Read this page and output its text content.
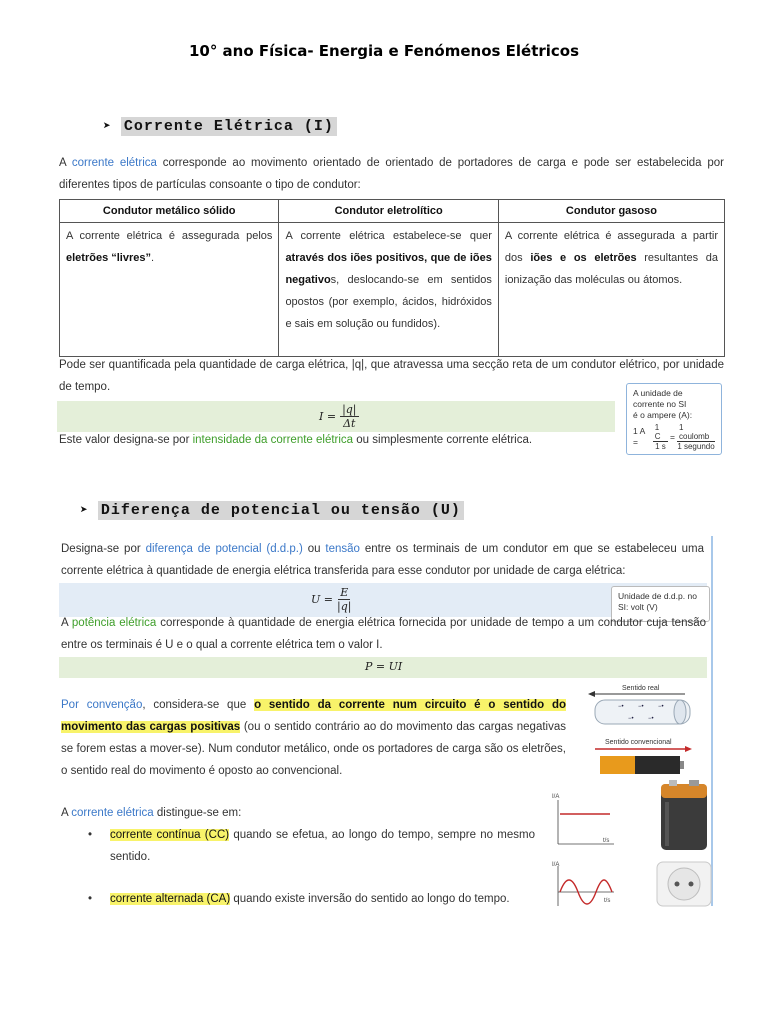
10° ano Física- Energia e Fenómenos Elétricos
➤ Corrente Elétrica (I)
A corrente elétrica corresponde ao movimento orientado de orientado de portadores de carga e pode ser estabelecida por diferentes tipos de partículas consoante o tipo de condutor:
Condutor metálico sólido	Condutor eletrolítico	Condutor gasoso
A corrente elétrica é assegurada pelos eletrões “livres”.	A corrente elétrica estabelece-se quer através dos iões positivos, que de iões negativos, deslocando-se em sentidos opostos (por exemplo, ácidos, hidróxidos e sais em solução ou fundidos).	A corrente elétrica é assegurada a partir dos iões e os eletrões resultantes da ionização das moléculas ou átomos.
Pode ser quantificada pela quantidade de carga elétrica, |q|, que atravessa uma secção reta de um condutor elétrico, por unidade de tempo.
$I = \frac{|q|}{\Delta t}$
A unidade de
corrente no SI
é o ampere (A):
1 A =	$\frac{1 C}{1 s} = \frac{\text{1 coulomb}}{\text{1 segundo}}$
Este valor designa-se por intensidade da corrente elétrica ou simplesmente corrente elétrica.
➤ Diferença de potencial ou tensão (U)
Designa-se por diferença de potencial (d.d.p.) ou tensão entre os terminais de um condutor em que se estabeleceu uma corrente elétrica à quantidade de energia elétrica transferida para esse condutor por unidade de carga elétrica:
$U = \frac{E}{|q|}$	Unidade de d.d.p. no
SI: volt (V)
A potência elétrica corresponde à quantidade de energia elétrica fornecida por unidade de tempo a um condutor cuja tensão entre os terminais é U e o qual a corrente elétrica tem o valor I.
P = UI
Por convenção, considera-se que o sentido da corrente num circuito é o sentido do movimento das cargas positivas (ou o sentido contrário ao do movimento das cargas negativas se forem estas a mover-se). Num condutor metálico, onde os portadores de carga são os eletrões, o sentido real do movimento é oposto ao convencional.
Sentido real
−• −• −•
−• −•
Sentido convencional
A corrente elétrica distingue-se em:
•	corrente contínua (CC) quando se efetua, ao longo do tempo, sempre no mesmo sentido.
•	corrente alternada (CA) quando existe inversão do sentido ao longo do tempo.
I/A
t/s
I/A
t/s
